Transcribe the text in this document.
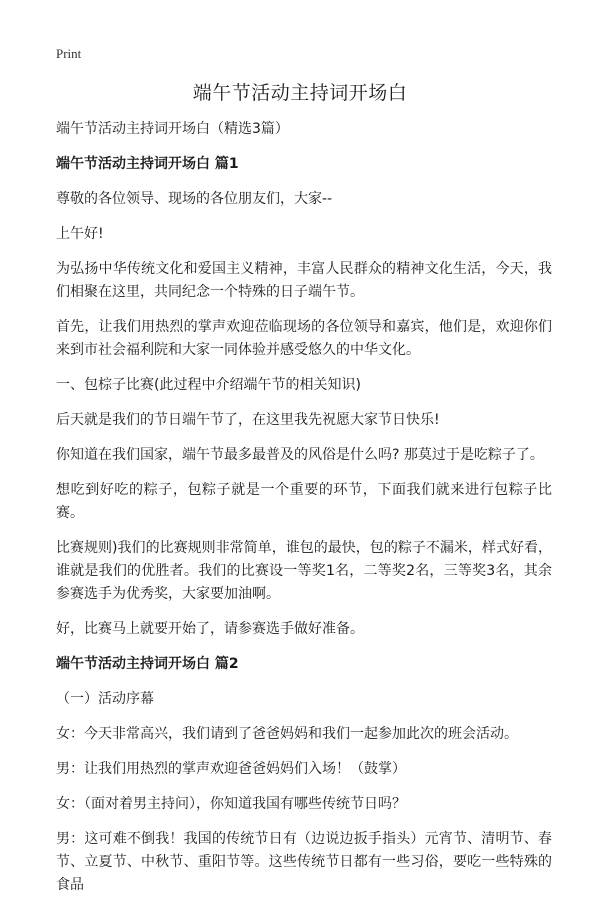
Print
端午节活动主持词开场白

端午节活动主持词开场白（精选3篇）

端午节活动主持词开场白 篇1

尊敬的各位领导、现场的各位朋友们，大家--

上午好!

为弘扬中华传统文化和爱国主义精神，丰富人民群众的精神文化生活，今天，我们相聚在这里，共同纪念一个特殊的日子端午节。

首先，让我们用热烈的掌声欢迎莅临现场的各位领导和嘉宾，他们是，欢迎你们来到市社会福利院和大家一同体验并感受悠久的中华文化。

一、包棕子比赛(此过程中介绍端午节的相关知识)

后天就是我们的节日端午节了，在这里我先祝愿大家节日快乐!

你知道在我们国家，端午节最多最普及的风俗是什么吗? 那莫过于是吃粽子了。

想吃到好吃的粽子，包粽子就是一个重要的环节，下面我们就来进行包粽子比赛。

比赛规则)我们的比赛规则非常简单，谁包的最快，包的粽子不漏米，样式好看，谁就是我们的优胜者。我们的比赛设一等奖1名，二等奖2名，三等奖3名，其余参赛选手为优秀奖，大家要加油啊。

好，比赛马上就要开始了，请参赛选手做好准备。

端午节活动主持词开场白 篇2

（一）活动序幕

女：今天非常高兴，我们请到了爸爸妈妈和我们一起参加此次的班会活动。

男：让我们用热烈的掌声欢迎爸爸妈妈们入场！（鼓掌）

女：（面对着男主持问），你知道我国有哪些传统节日吗？

男：这可难不倒我！我国的传统节日有（边说边扳手指头）元宵节、清明节、春节、立夏节、中秋节、重阳节等。这些传统节日都有一些习俗，要吃一些特殊的食品
